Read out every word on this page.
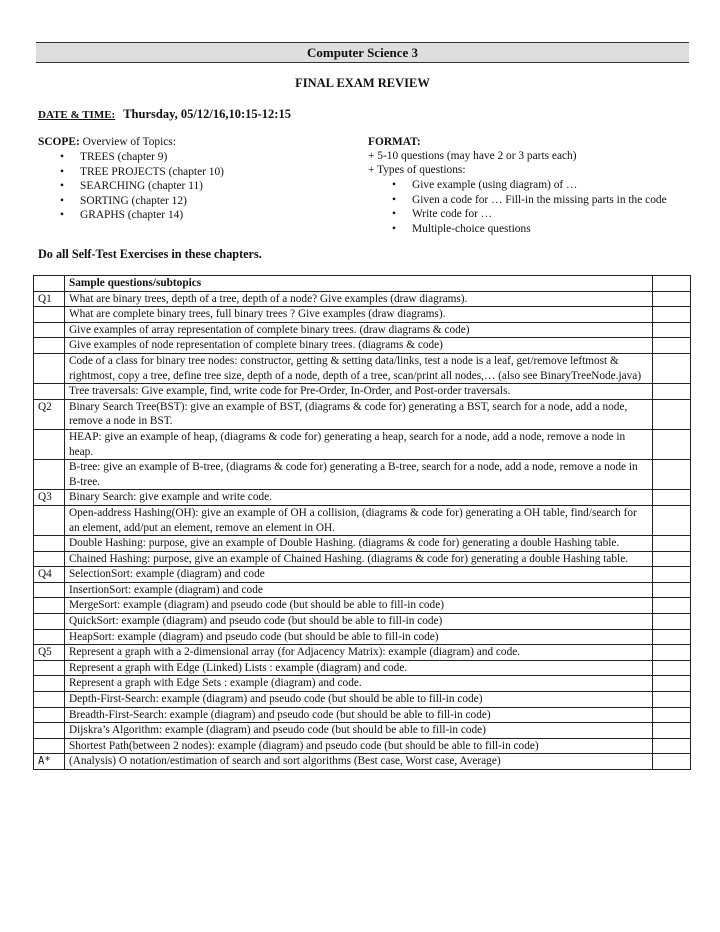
Computer Science 3
FINAL EXAM REVIEW
DATE & TIME: Thursday, 05/12/16,10:15-12:15
SCOPE: Overview of Topics:
• TREES (chapter 9)
• TREE PROJECTS (chapter 10)
• SEARCHING (chapter 11)
• SORTING (chapter 12)
• GRAPHS (chapter 14)
FORMAT:
+ 5-10 questions (may have 2 or 3 parts each)
+ Types of questions:
• Give example (using diagram) of …
• Given a code for … Fill-in the missing parts in the code
• Write code for …
• Multiple-choice questions
Do all Self-Test Exercises in these chapters.
	Sample questions/subtopics	
Q1	What are binary trees, depth of a tree, depth of a node? Give examples (draw diagrams).	
	What are complete binary trees, full binary trees ? Give examples (draw diagrams).	
	Give examples of array representation of complete binary trees. (draw diagrams & code)	
	Give examples of node representation of complete binary trees. (diagrams & code)	
	Code of a class for binary tree nodes: constructor, getting & setting data/links, test a node is a leaf, get/remove leftmost & rightmost, copy a tree, define tree size, depth of a node, depth of a tree, scan/print all nodes,… (also see BinaryTreeNode.java)	
	Tree traversals: Give example, find, write code for Pre-Order, In-Order, and Post-order traversals.	
Q2	Binary Search Tree(BST): give an example of BST, (diagrams & code for) generating a BST, search for a node, add a node, remove a node in BST.	
	HEAP: give an example of heap, (diagrams & code for) generating a heap, search for a node, add a node, remove a node in heap.	
	B-tree: give an example of B-tree, (diagrams & code for) generating a B-tree, search for a node, add a node, remove a node in B-tree.	
Q3	Binary Search: give example and write code.	
	Open-address Hashing(OH): give an example of OH a collision, (diagrams & code for) generating a OH table, find/search for an element, add/put an element, remove an element in OH.	
	Double Hashing: purpose, give an example of Double Hashing. (diagrams & code for) generating a double Hashing table.	
	Chained Hashing: purpose, give an example of Chained Hashing. (diagrams & code for) generating a double Hashing table.	
Q4	SelectionSort: example (diagram) and code	
	InsertionSort: example (diagram) and code	
	MergeSort: example (diagram) and pseudo code (but should be able to fill-in code)	
	QuickSort: example (diagram) and pseudo code (but should be able to fill-in code)	
	HeapSort: example (diagram) and pseudo code (but should be able to fill-in code)	
Q5	Represent a graph with a 2-dimensional array (for Adjacency Matrix): example (diagram) and code.	
	Represent a graph with Edge (Linked) Lists : example (diagram) and code.	
	Represent a graph with Edge Sets : example (diagram) and code.	
	Depth-First-Search: example (diagram) and pseudo code (but should be able to fill-in code)	
	Breadth-First-Search: example (diagram) and pseudo code (but should be able to fill-in code)	
	Dijskra’s Algorithm: example (diagram) and pseudo code (but should be able to fill-in code)	
	Shortest Path(between 2 nodes): example (diagram) and pseudo code (but should be able to fill-in code)	
A*	(Analysis) O notation/estimation of search and sort algorithms (Best case, Worst case, Average)	
